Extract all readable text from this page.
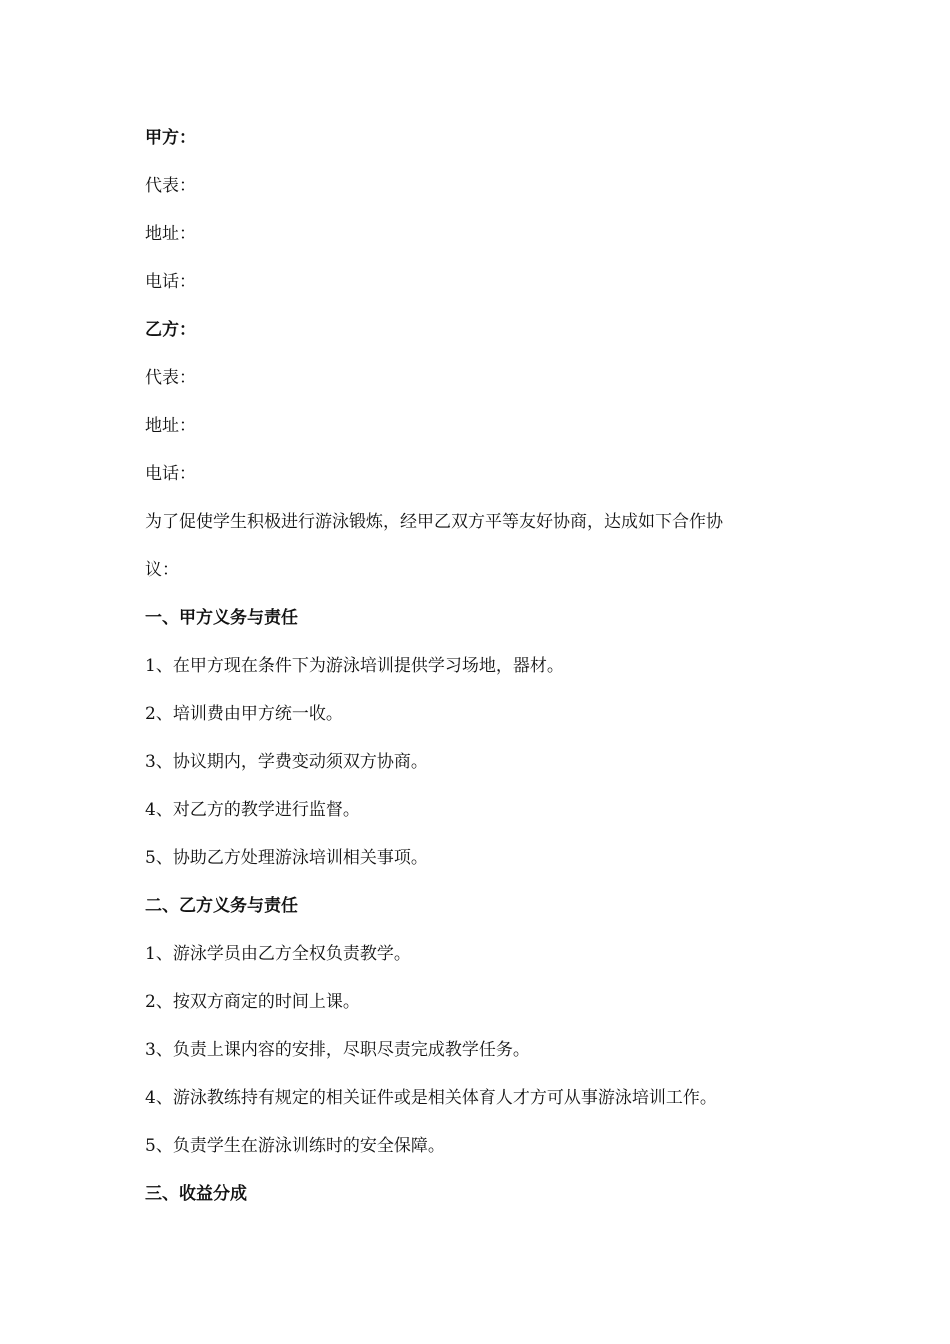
甲方：
代表：
地址：
电话：
乙方：
代表：
地址：
电话：
为了促使学生积极进行游泳锻炼，经甲乙双方平等友好协商，达成如下合作协
议：
一、甲方义务与责任
1、在甲方现在条件下为游泳培训提供学习场地，器材。
2、培训费由甲方统一收。
3、协议期内，学费变动须双方协商。
4、对乙方的教学进行监督。
5、协助乙方处理游泳培训相关事项。
二、乙方义务与责任
1、游泳学员由乙方全权负责教学。
2、按双方商定的时间上课。
3、负责上课内容的安排，尽职尽责完成教学任务。
4、游泳教练持有规定的相关证件或是相关体育人才方可从事游泳培训工作。
5、负责学生在游泳训练时的安全保障。
三、收益分成
